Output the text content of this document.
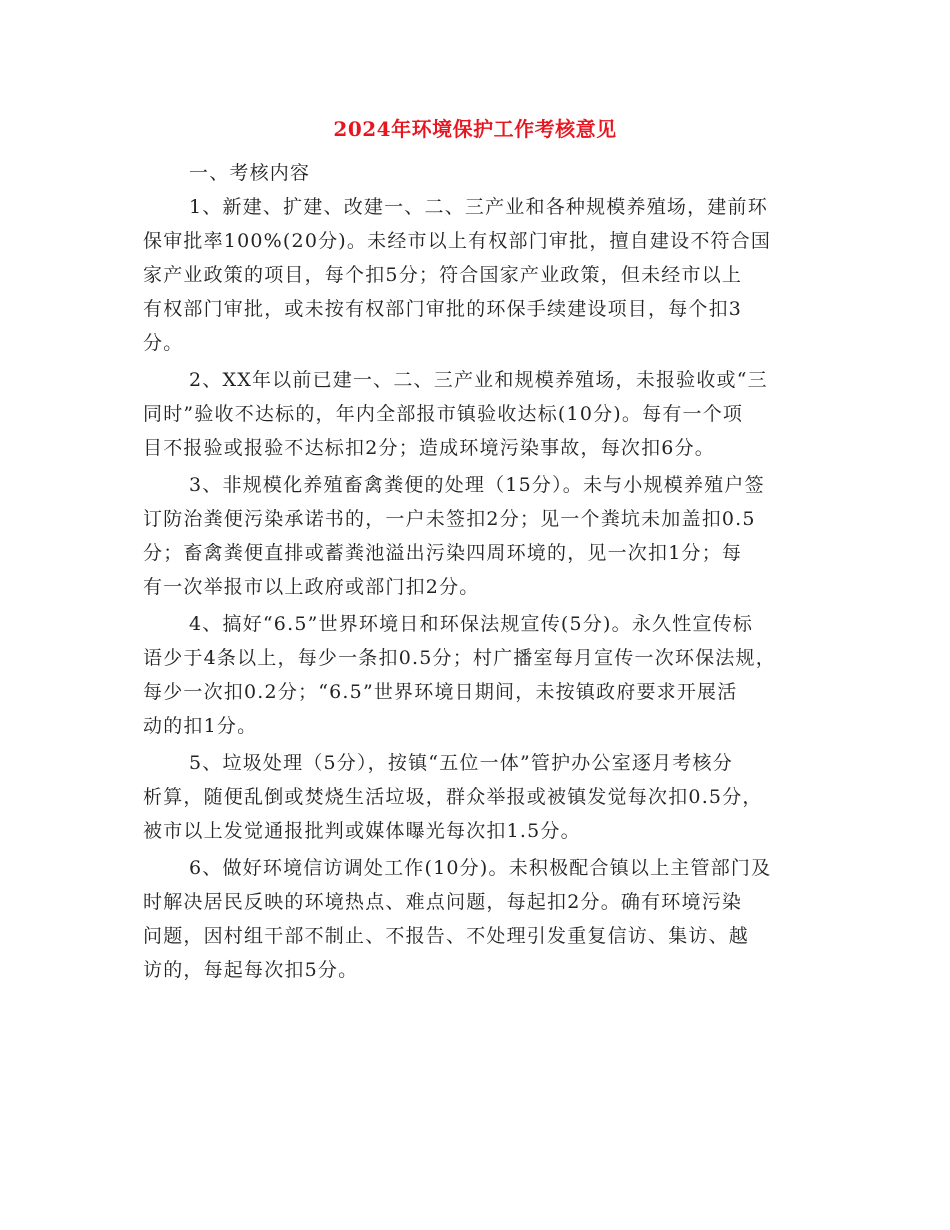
2024年环境保护工作考核意见
一、考核内容
1、新建、扩建、改建一、二、三产业和各种规模养殖场，建前环
保审批率100%(20分)。未经市以上有权部门审批，擅自建设不符合国
家产业政策的项目，每个扣5分；符合国家产业政策，但未经市以上
有权部门审批，或未按有权部门审批的环保手续建设项目，每个扣3
分。
2、XX年以前已建一、二、三产业和规模养殖场，未报验收或“三
同时”验收不达标的，年内全部报市镇验收达标(10分)。每有一个项
目不报验或报验不达标扣2分；造成环境污染事故，每次扣6分。
3、非规模化养殖畜禽粪便的处理（15分）。未与小规模养殖户签
订防治粪便污染承诺书的，一户未签扣2分；见一个粪坑未加盖扣0.5
分；畜禽粪便直排或蓄粪池溢出污染四周环境的，见一次扣1分；每
有一次举报市以上政府或部门扣2分。
4、搞好“6.5”世界环境日和环保法规宣传(5分)。永久性宣传标
语少于4条以上，每少一条扣0.5分；村广播室每月宣传一次环保法规，
每少一次扣0.2分；“6.5”世界环境日期间，未按镇政府要求开展活
动的扣1分。
5、垃圾处理（5分），按镇“五位一体”管护办公室逐月考核分
析算，随便乱倒或焚烧生活垃圾，群众举报或被镇发觉每次扣0.5分，
被市以上发觉通报批判或媒体曝光每次扣1.5分。
6、做好环境信访调处工作(10分)。未积极配合镇以上主管部门及
时解决居民反映的环境热点、难点问题，每起扣2分。确有环境污染
问题，因村组干部不制止、不报告、不处理引发重复信访、集访、越
访的，每起每次扣5分。
